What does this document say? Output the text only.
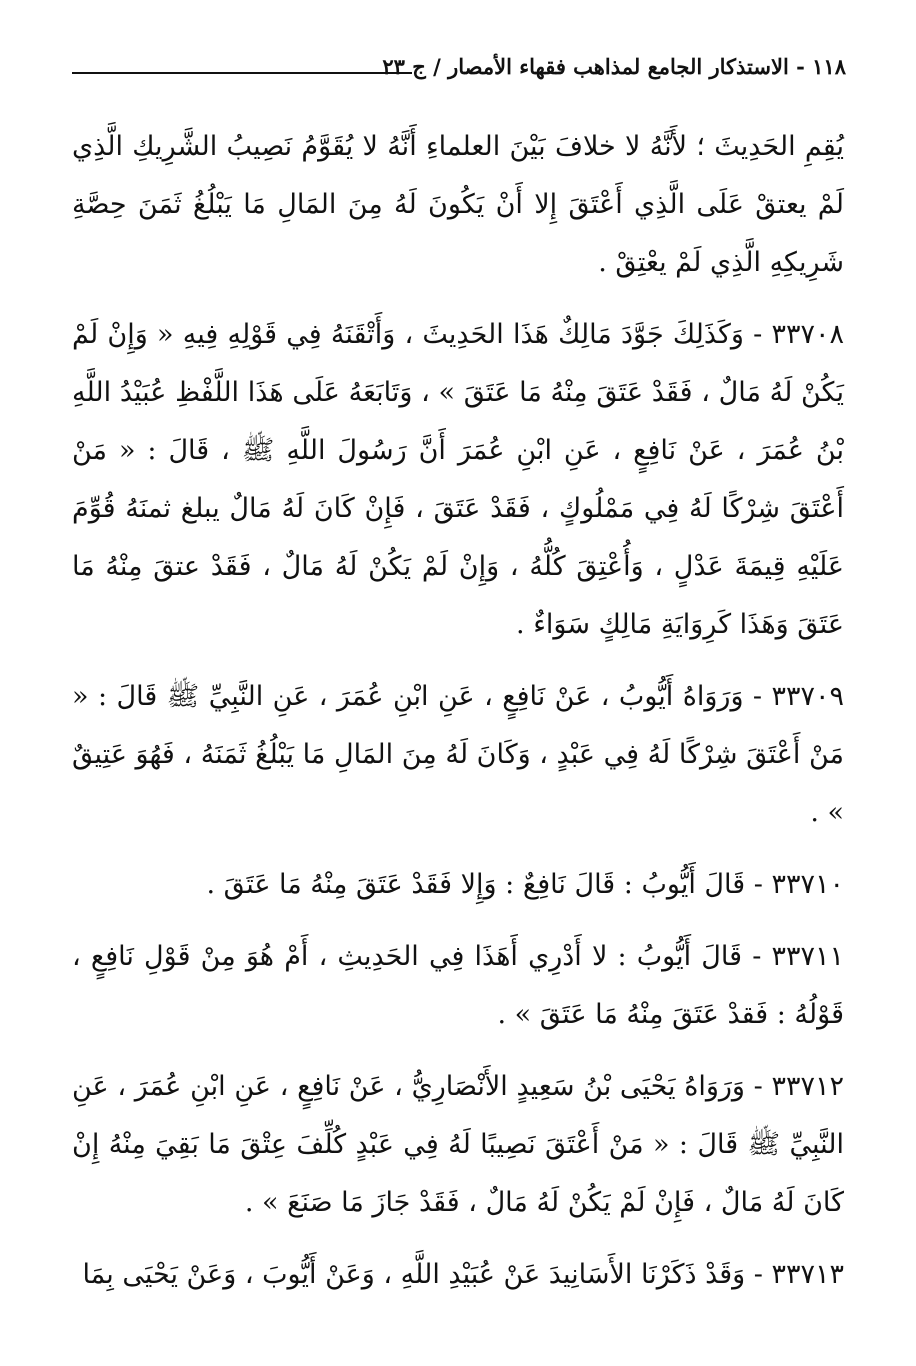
١١٨ - الاستذكار الجامع لمذاهب فقهاء الأمصار / ج ٢٣

يُقِمِ الحَدِيثَ ؛ لأَنَّهُ لا خلافَ بَيْنَ العلماءِ أَنَّهُ لا يُقَوَّمُ نَصِيبُ الشَّرِيكِ الَّذِي لَمْ يعتقْ عَلَى الَّذِي أَعْتَقَ إِلا أَنْ يَكُونَ لَهُ مِنَ المَالِ مَا يَبْلُغُ ثَمَنَ حِصَّةِ شَرِيكِهِ الَّذِي لَمْ يعْتِقْ .

٣٣٧٠٨ - وَكَذَلِكَ جَوَّدَ مَالِكٌ هَذَا الحَدِيثَ ، وَأَتْقَنَهُ فِي قَوْلِهِ فِيهِ « وَإِنْ لَمْ يَكُنْ لَهُ مَالٌ ، فَقَدْ عَتَقَ مِنْهُ مَا عَتَقَ » ، وَتَابَعَهُ عَلَى هَذَا اللَّفْظِ عُبَيْدُ اللَّهِ بْنُ عُمَرَ ، عَنْ نَافِعٍ ، عَنِ ابْنِ عُمَرَ أَنَّ رَسُولَ اللَّهِ ﷺ ، قَالَ : « مَنْ أَعْتَقَ شِرْكًا لَهُ فِي مَمْلُوكٍ ، فَقَدْ عَتَقَ ، فَإِنْ كَانَ لَهُ مَالٌ يبلغ ثمنَهُ قُوِّمَ عَلَيْهِ قِيمَةَ عَدْلٍ ، وَأُعْتِقَ كُلُّهُ ، وَإِنْ لَمْ يَكُنْ لَهُ مَالٌ ، فَقَدْ عتقَ مِنْهُ مَا عَتَقَ وَهَذَا كَرِوَايَةِ مَالِكٍ سَوَاءٌ .

٣٣٧٠٩ - وَرَوَاهُ أَيُّوبُ ، عَنْ نَافِعٍ ، عَنِ ابْنِ عُمَرَ ، عَنِ النَّبِيِّ ﷺ قَالَ : « مَنْ أَعْتَقَ شِرْكًا لَهُ فِي عَبْدٍ ، وَكَانَ لَهُ مِنَ المَالِ مَا يَبْلُغُ ثَمَنَهُ ، فَهُوَ عَتِيقٌ » .

٣٣٧١٠ - قَالَ أَيُّوبُ : قَالَ نَافِعٌ : وَإِلا فَقَدْ عَتَقَ مِنْهُ مَا عَتَقَ .

٣٣٧١١ - قَالَ أَيُّوبُ : لا أَدْرِي أَهَذَا فِي الحَدِيثِ ، أَمْ هُوَ مِنْ قَوْلِ نَافِعٍ ، قَوْلُهُ : فَقدْ عَتَقَ مِنْهُ مَا عَتَقَ » .

٣٣٧١٢ - وَرَوَاهُ يَحْيَى بْنُ سَعِيدٍ الأَنْصَارِيُّ ، عَنْ نَافِعٍ ، عَنِ ابْنِ عُمَرَ ، عَنِ النَّبِيِّ ﷺ قَالَ : « مَنْ أَعْتَقَ نَصِيبًا لَهُ فِي عَبْدٍ كُلِّفَ عِتْقَ مَا بَقِيَ مِنْهُ إِنْ كَانَ لَهُ مَالٌ ، فَإِنْ لَمْ يَكُنْ لَهُ مَالٌ ، فَقَدْ جَازَ مَا صَنَعَ » .

٣٣٧١٣ - وَقَدْ ذَكَرْنَا الأَسَانِيدَ عَنْ عُبَيْدِ اللَّهِ ، وَعَنْ أَيُّوبَ ، وَعَنْ يَحْيَى بِمَا
